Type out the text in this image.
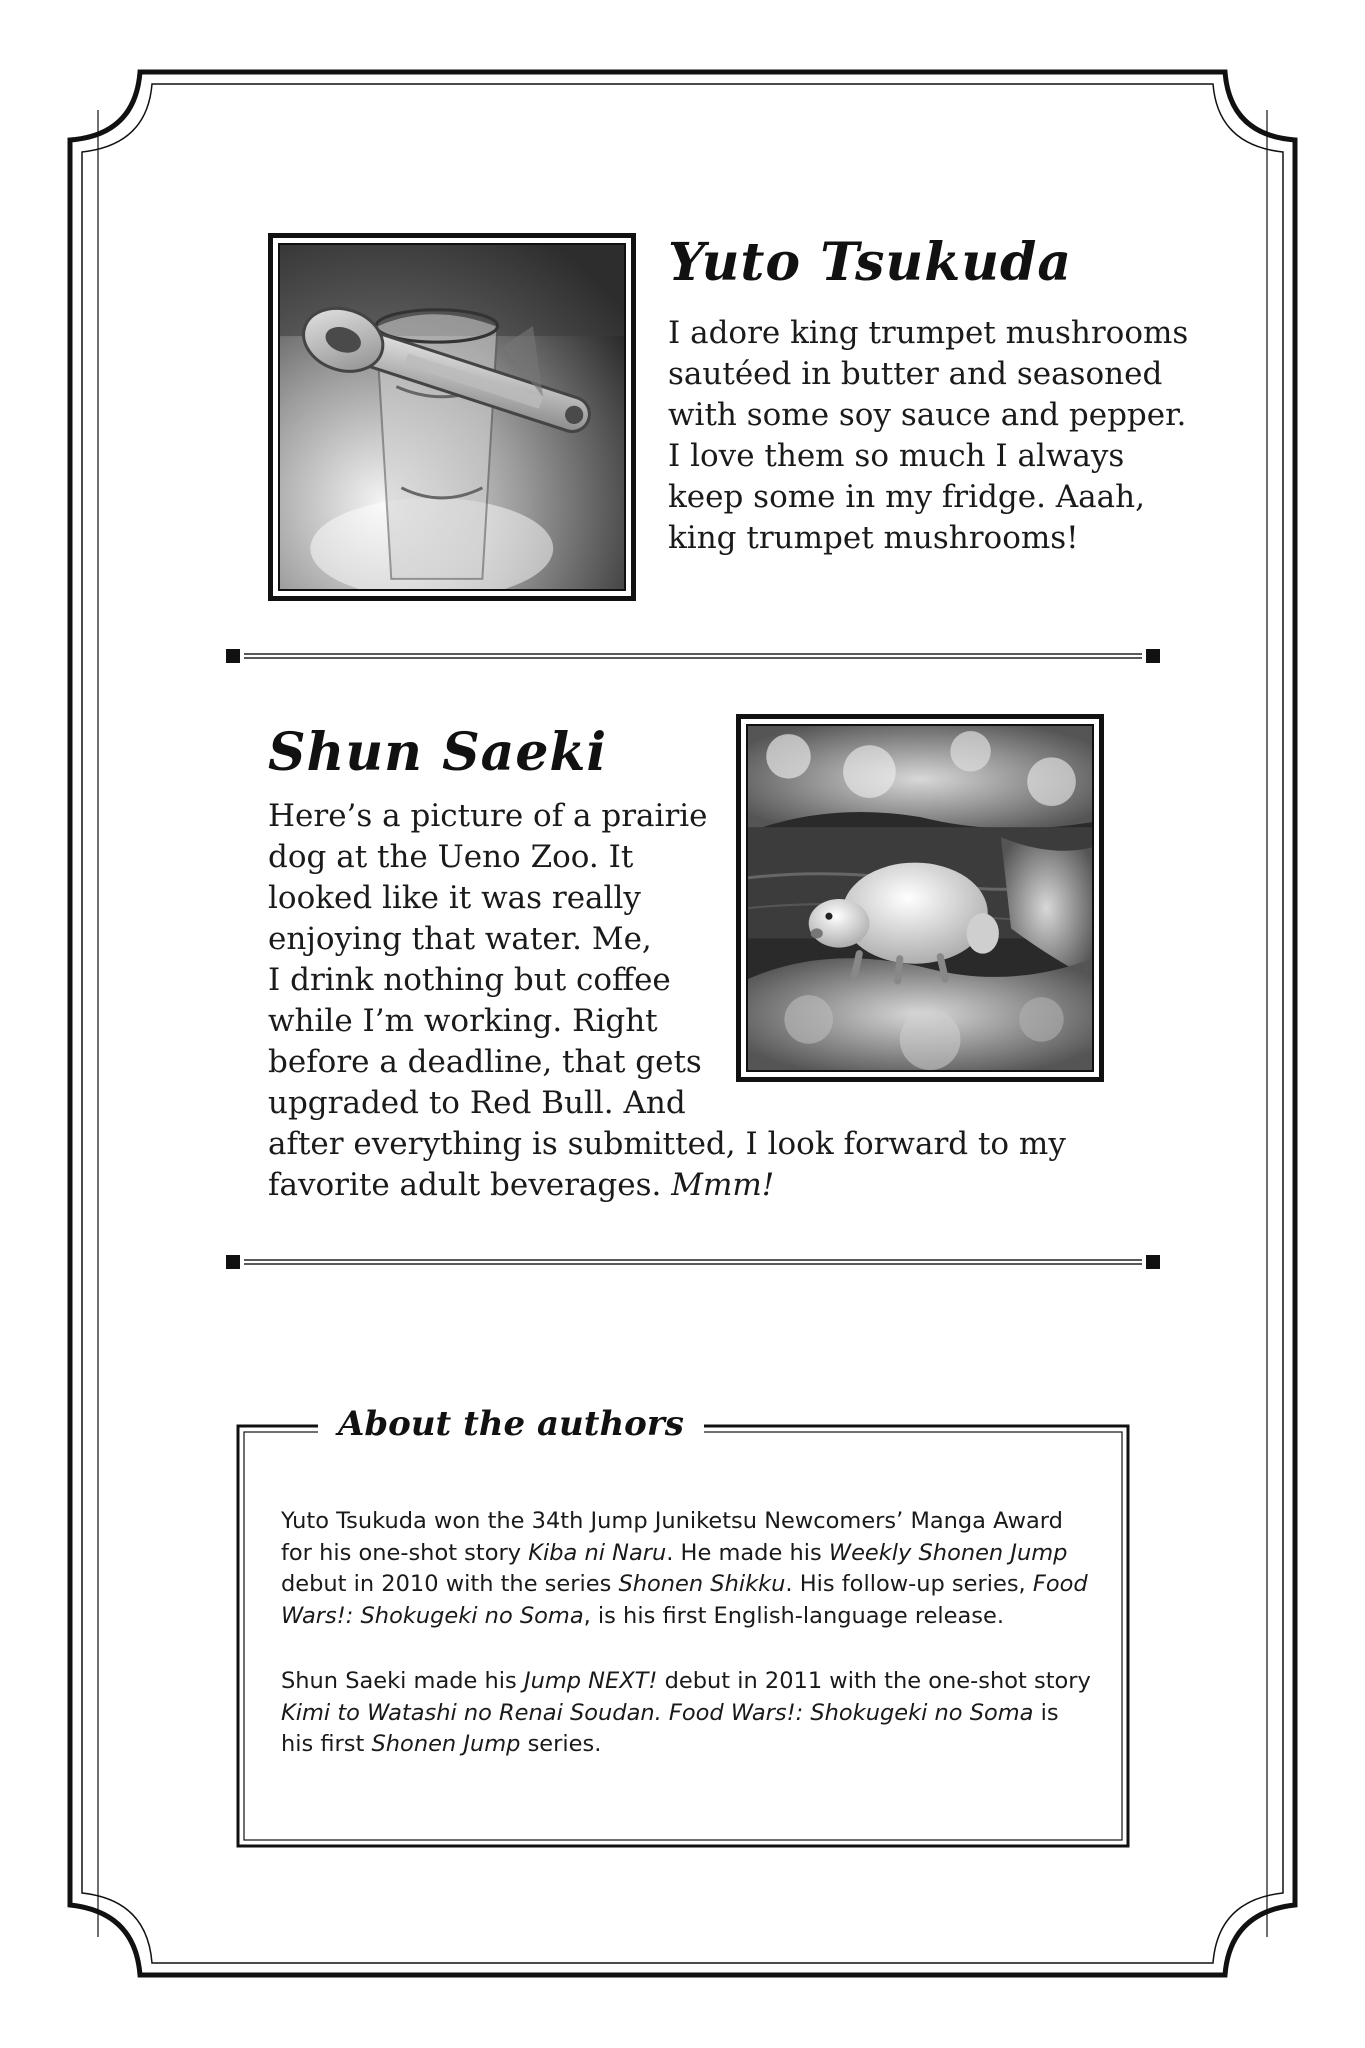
Yuto Tsukuda
I adore king trumpet mushrooms
sautéed in butter and seasoned
with some soy sauce and pepper.
I love them so much I always
keep some in my fridge. Aaah,
king trumpet mushrooms!
Shun Saeki
Here’s a picture of a prairie
dog at the Ueno Zoo. It
looked like it was really
enjoying that water. Me,
I drink nothing but coffee
while I’m working. Right
before a deadline, that gets
upgraded to Red Bull. And
after everything is submitted, I look forward to my
favorite adult beverages. Mmm!
About the authors
Yuto Tsukuda won the 34th Jump Juniketsu Newcomers’ Manga Award for his one-shot story Kiba ni Naru. He made his Weekly Shonen Jump debut in 2010 with the series Shonen Shikku. His follow-up series, Food Wars!: Shokugeki no Soma, is his first English-language release.
Shun Saeki made his Jump NEXT! debut in 2011 with the one-shot story Kimi to Watashi no Renai Soudan. Food Wars!: Shokugeki no Soma is his first Shonen Jump series.
